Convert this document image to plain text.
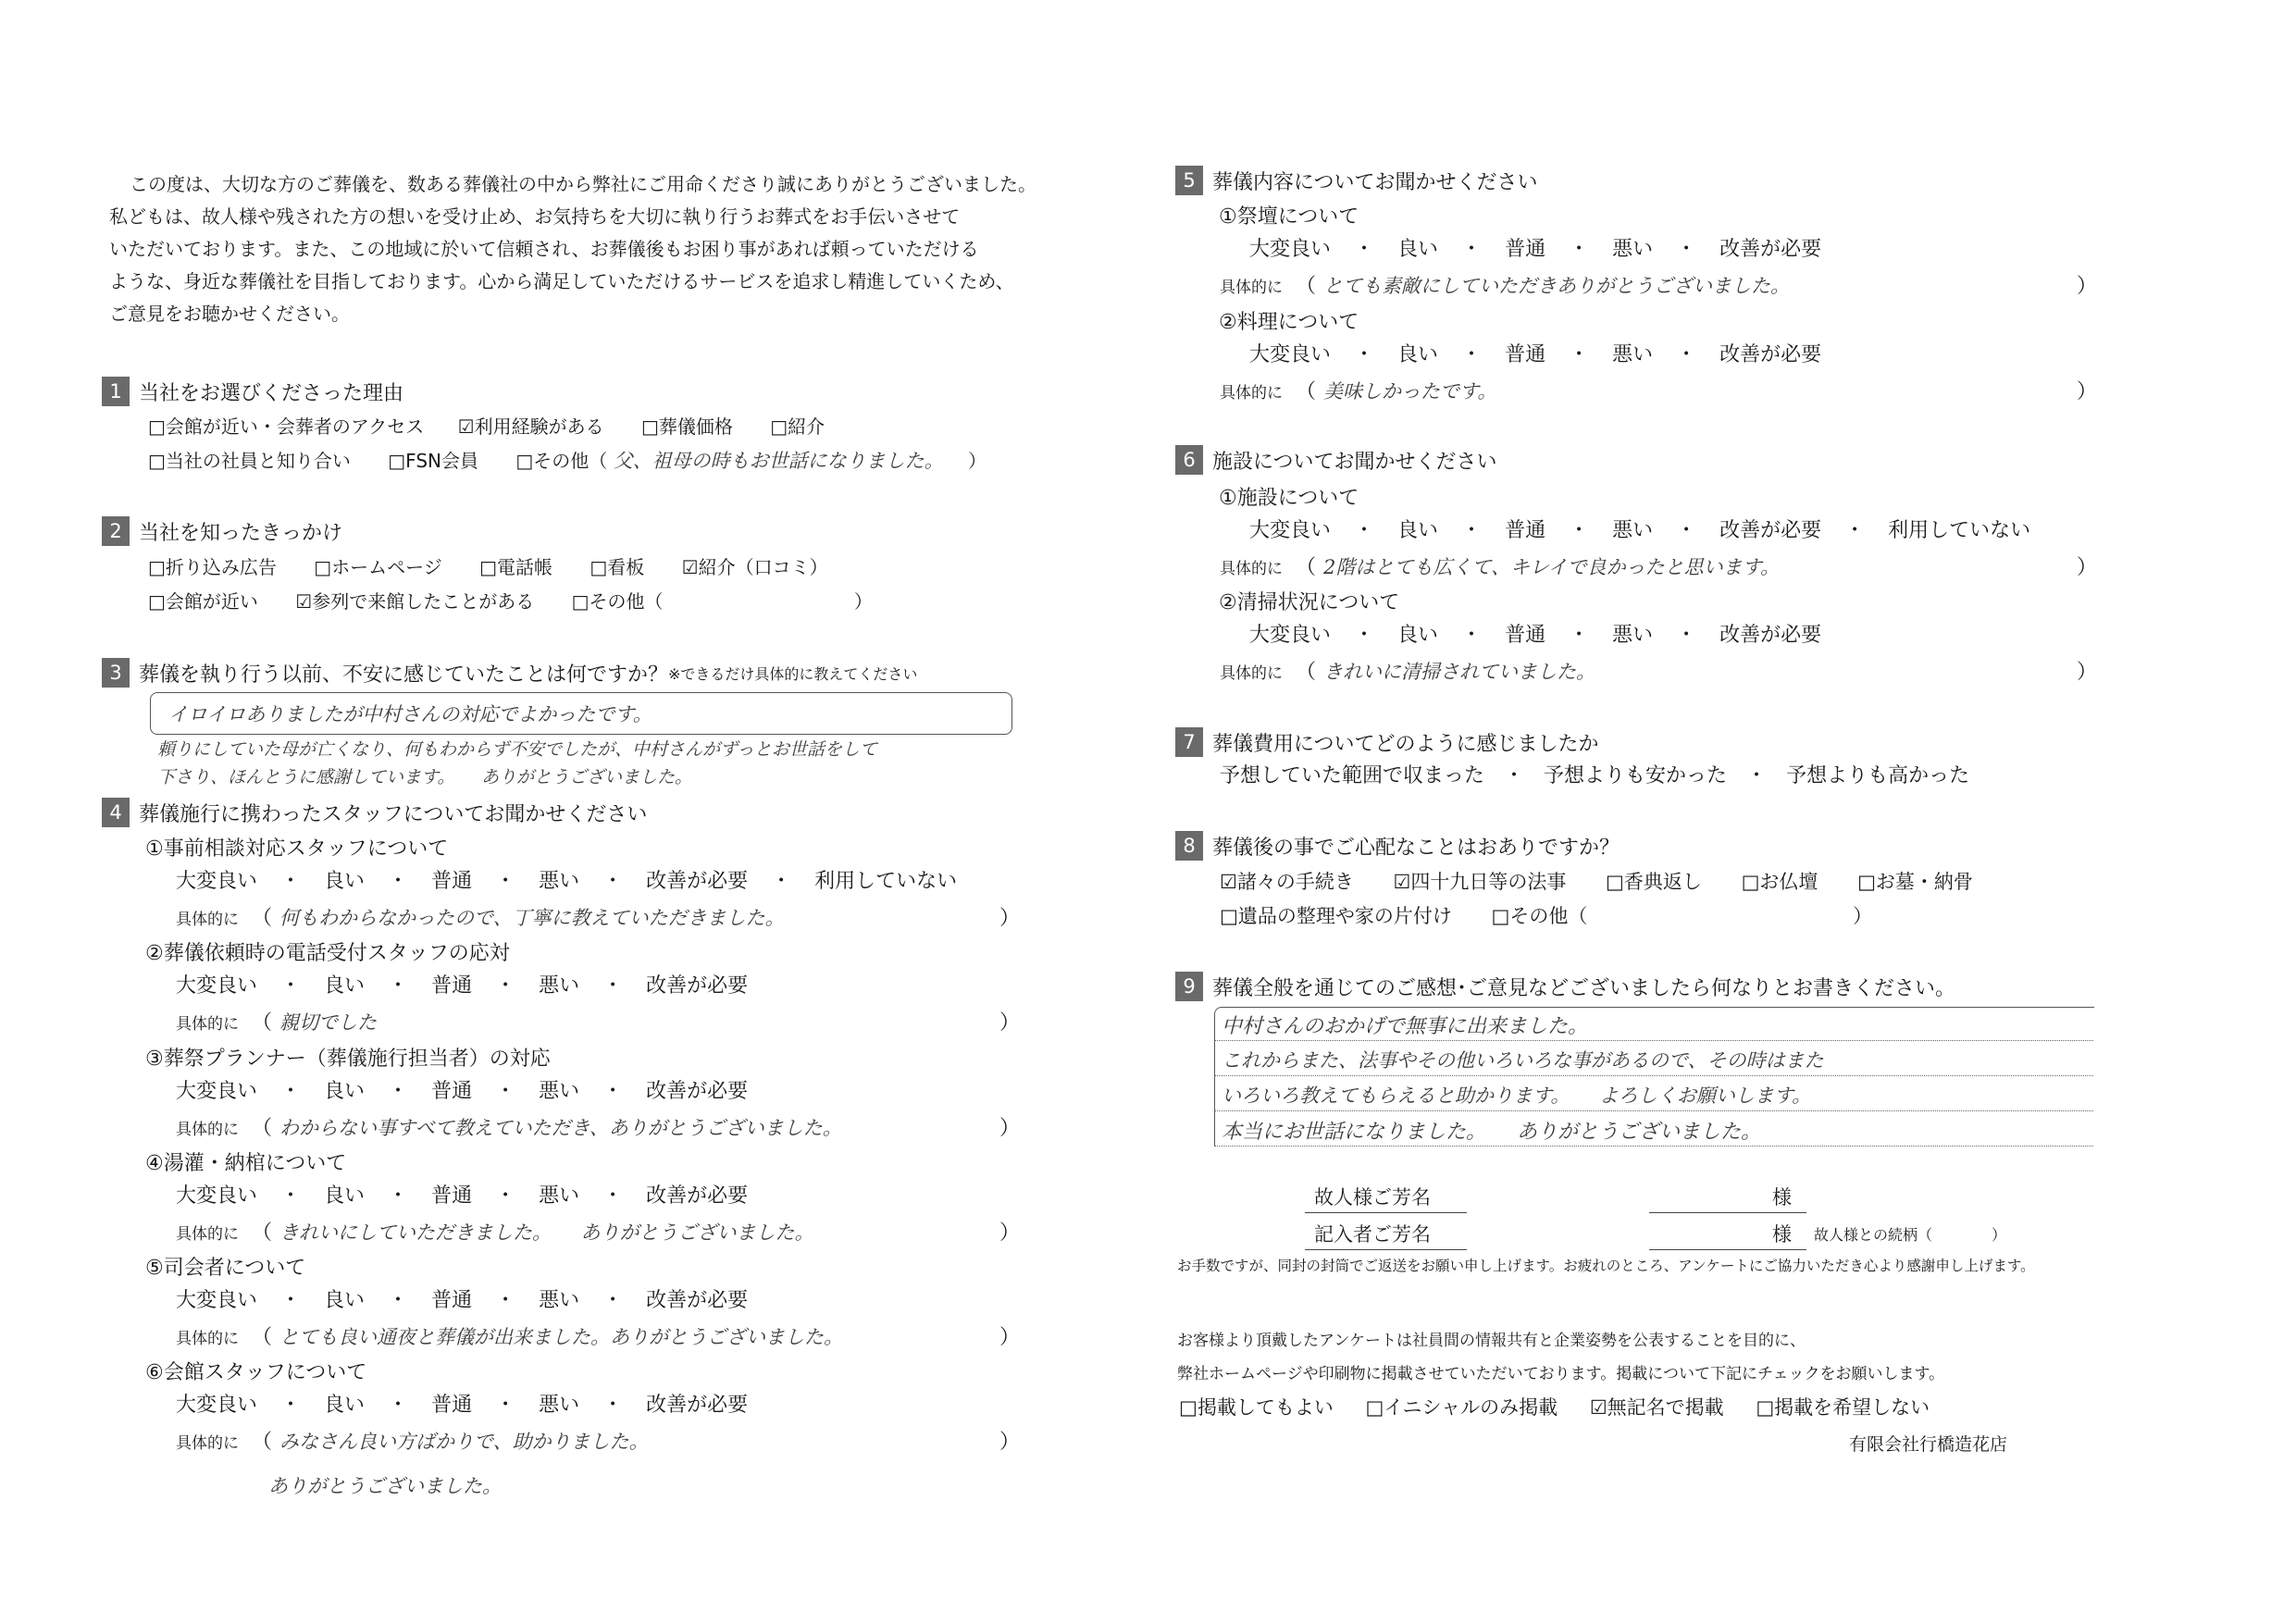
この度は、大切な方のご葬儀を、数ある葬儀社の中から弊社にご用命くださり誠にありがとうございました。
私どもは、故人様や残された方の想いを受け止め、お気持ちを大切に執り行うお葬式をお手伝いさせて
いただいております。また、この地域に於いて信頼され、お葬儀後もお困り事があれば頼っていただける
ような、身近な葬儀社を目指しております。心から満足していただけるサービスを追求し精進していくため、
ご意見をお聴かせください。
1 当社をお選びくださった理由
□会館が近い・会葬者のアクセス ☑利用経験がある □葬儀価格 □紹介
□当社の社員と知り合い □FSN会員 □その他（ 父、祖母の時もお世話になりました。 ）
2 当社を知ったきっかけ
□折り込み広告 □ホームページ □電話帳 □看板 ☑紹介（口コミ）
□会館が近い ☑参列で来館したことがある □その他（	）
3 葬儀を執り行う以前、不安に感じていたことは何ですか？ ※できるだけ具体的に教えてください
イロイロありましたが中村さんの対応でよかったです。
頼りにしていた母が亡くなり、何もわからず不安でしたが、中村さんがずっとお世話をして
下さり、ほんとうに感謝しています。　　ありがとうございました。
4 葬儀施行に携わったスタッフについてお聞かせください
①事前相談対応スタッフについて
大変良い ・ 良い ・ 普通 ・ 悪い ・ 改善が必要 ・ 利用していない
具体的に （ 何もわからなかったので、丁寧に教えていただきました。	）
②葬儀依頼時の電話受付スタッフの応対
大変良い ・ 良い ・ 普通 ・ 悪い ・ 改善が必要
具体的に （ 親切でした	）
③葬祭プランナー（葬儀施行担当者）の対応
大変良い ・ 良い ・ 普通 ・ 悪い ・ 改善が必要
具体的に （ わからない事すべて教えていただき、ありがとうございました。	）
④湯灌・納棺について
大変良い ・ 良い ・ 普通 ・ 悪い ・ 改善が必要
具体的に （ きれいにしていただきました。　　ありがとうございました。	）
⑤司会者について
大変良い ・ 良い ・ 普通 ・ 悪い ・ 改善が必要
具体的に （ とても良い通夜と葬儀が出来ました。ありがとうございました。	）
⑥会館スタッフについて
大変良い ・ 良い ・ 普通 ・ 悪い ・ 改善が必要
具体的に （ みなさん良い方ばかりで、助かりました。	）
ありがとうございました。
5 葬儀内容についてお聞かせください
①祭壇について
大変良い ・ 良い ・ 普通 ・ 悪い ・ 改善が必要
具体的に （ とても素敵にしていただきありがとうございました。	）
②料理について
大変良い ・ 良い ・ 普通 ・ 悪い ・ 改善が必要
具体的に （ 美味しかったです。	）
6 施設についてお聞かせください
①施設について
大変良い ・ 良い ・ 普通 ・ 悪い ・ 改善が必要 ・ 利用していない
具体的に （ 2階はとても広くて、キレイで良かったと思います。	）
②清掃状況について
大変良い ・ 良い ・ 普通 ・ 悪い ・ 改善が必要
具体的に （ きれいに清掃されていました。	）
7 葬儀費用についてどのように感じましたか
予想していた範囲で収まった ・ 予想よりも安かった ・ 予想よりも高かった
8 葬儀後の事でご心配なことはおありですか？
☑諸々の手続き ☑四十九日等の法事 □香典返し □お仏壇 □お墓・納骨
□遺品の整理や家の片付け □その他（	）
9 葬儀全般を通じてのご感想･ご意見などございましたら何なりとお書きください。
中村さんのおかげで無事に出来ました。
これからまた、法事やその他いろいろな事があるので、その時はまた
いろいろ教えてもらえると助かります。　　よろしくお願いします。
本当にお世話になりました。　　ありがとうございました。
故人様ご芳名	様
記入者ご芳名	様 故人様との続柄（　　　　）
お手数ですが、同封の封筒でご返送をお願い申し上げます。お疲れのところ、アンケートにご協力いただき心より感謝申し上げます。
お客様より頂戴したアンケートは社員間の情報共有と企業姿勢を公表することを目的に、
弊社ホームページや印刷物に掲載させていただいております。掲載について下記にチェックをお願いします。
□掲載してもよい □イニシャルのみ掲載 ☑無記名で掲載 □掲載を希望しない
有限会社行橋造花店
